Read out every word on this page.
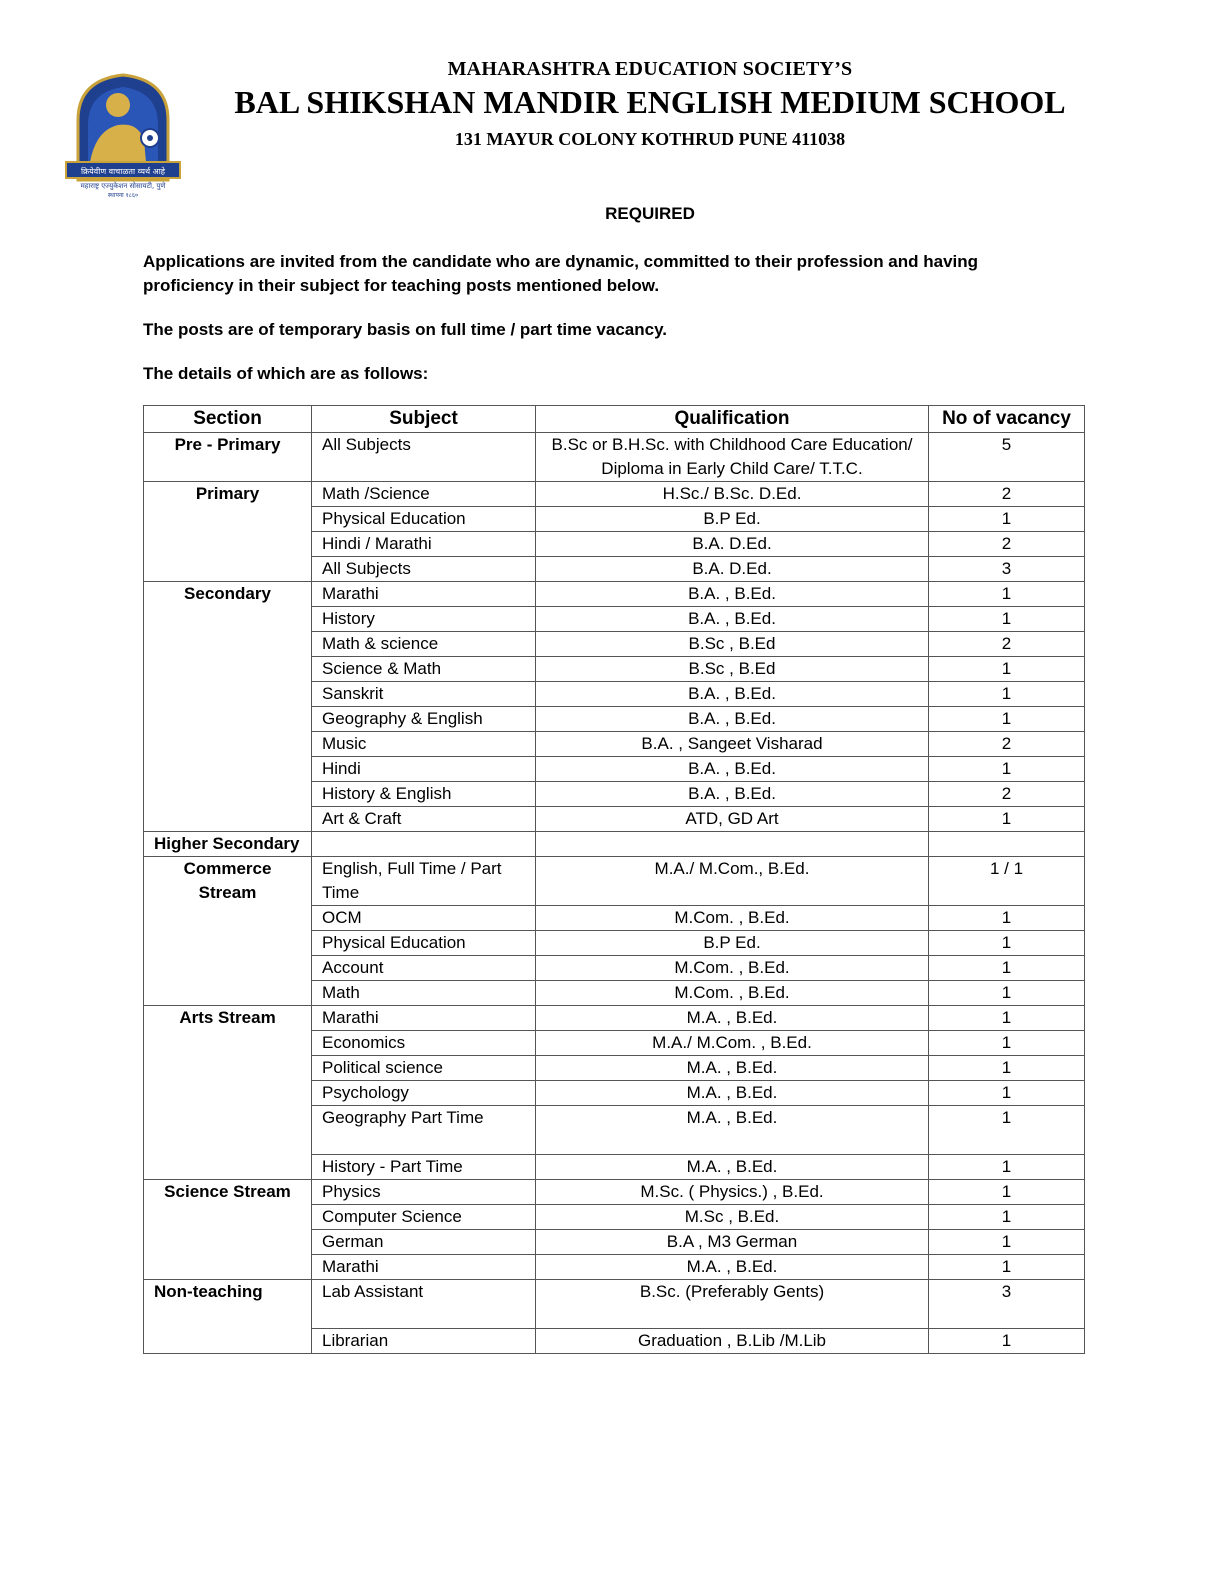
क्रियेवीण वाचाळता व्यर्थ आहे
महाराष्ट्र एज्युकेशन सोसायटी, पुणे
स्थापना १८६०
MAHARASHTRA EDUCATION SOCIETY’S
BAL SHIKSHAN MANDIR ENGLISH MEDIUM SCHOOL
131 MAYUR COLONY KOTHRUD PUNE 411038
REQUIRED
Applications are invited from the candidate who are dynamic, committed to their profession and having proficiency in their subject for teaching posts mentioned below.
The posts are of temporary basis on full time / part time vacancy.
The details of which are as follows:
Section	Subject	Qualification	No of vacancy
Pre - Primary	All Subjects	B.Sc or B.H.Sc. with Childhood Care Education/ Diploma in Early Child Care/ T.T.C.	5
Primary	Math /Science	H.Sc./ B.Sc. D.Ed.	2
	Physical Education	B.P Ed.	1
	Hindi / Marathi	B.A. D.Ed.	2
	All Subjects	B.A. D.Ed.	3
Secondary	Marathi	B.A. , B.Ed.	1
	History	B.A. , B.Ed.	1
	Math & science	B.Sc , B.Ed	2
	Science & Math	B.Sc , B.Ed	1
	Sanskrit	B.A. , B.Ed.	1
	Geography & English	B.A. , B.Ed.	1
	Music	B.A. , Sangeet Visharad	2
	Hindi	B.A. , B.Ed.	1
	History & English	B.A. , B.Ed.	2
	Art & Craft	ATD, GD Art	1
Higher Secondary			
Commerce Stream	English, Full Time / Part Time	M.A./ M.Com., B.Ed.	1 / 1
	OCM	M.Com. , B.Ed.	1
	Physical Education	B.P Ed.	1
	Account	M.Com. , B.Ed.	1
	Math	M.Com. , B.Ed.	1
Arts Stream	Marathi	M.A. , B.Ed.	1
	Economics	M.A./ M.Com. , B.Ed.	1
	Political science	M.A. , B.Ed.	1
	Psychology	M.A. , B.Ed.	1
	Geography Part Time	M.A. , B.Ed.	1
	History - Part Time	M.A. , B.Ed.	1
Science Stream	Physics	M.Sc. ( Physics.) , B.Ed.	1
	Computer Science	M.Sc , B.Ed.	1
	German	B.A , M3 German	1
	Marathi	M.A. , B.Ed.	1
Non-teaching	Lab Assistant	B.Sc. (Preferably Gents)	3
	Librarian	Graduation , B.Lib /M.Lib	1
